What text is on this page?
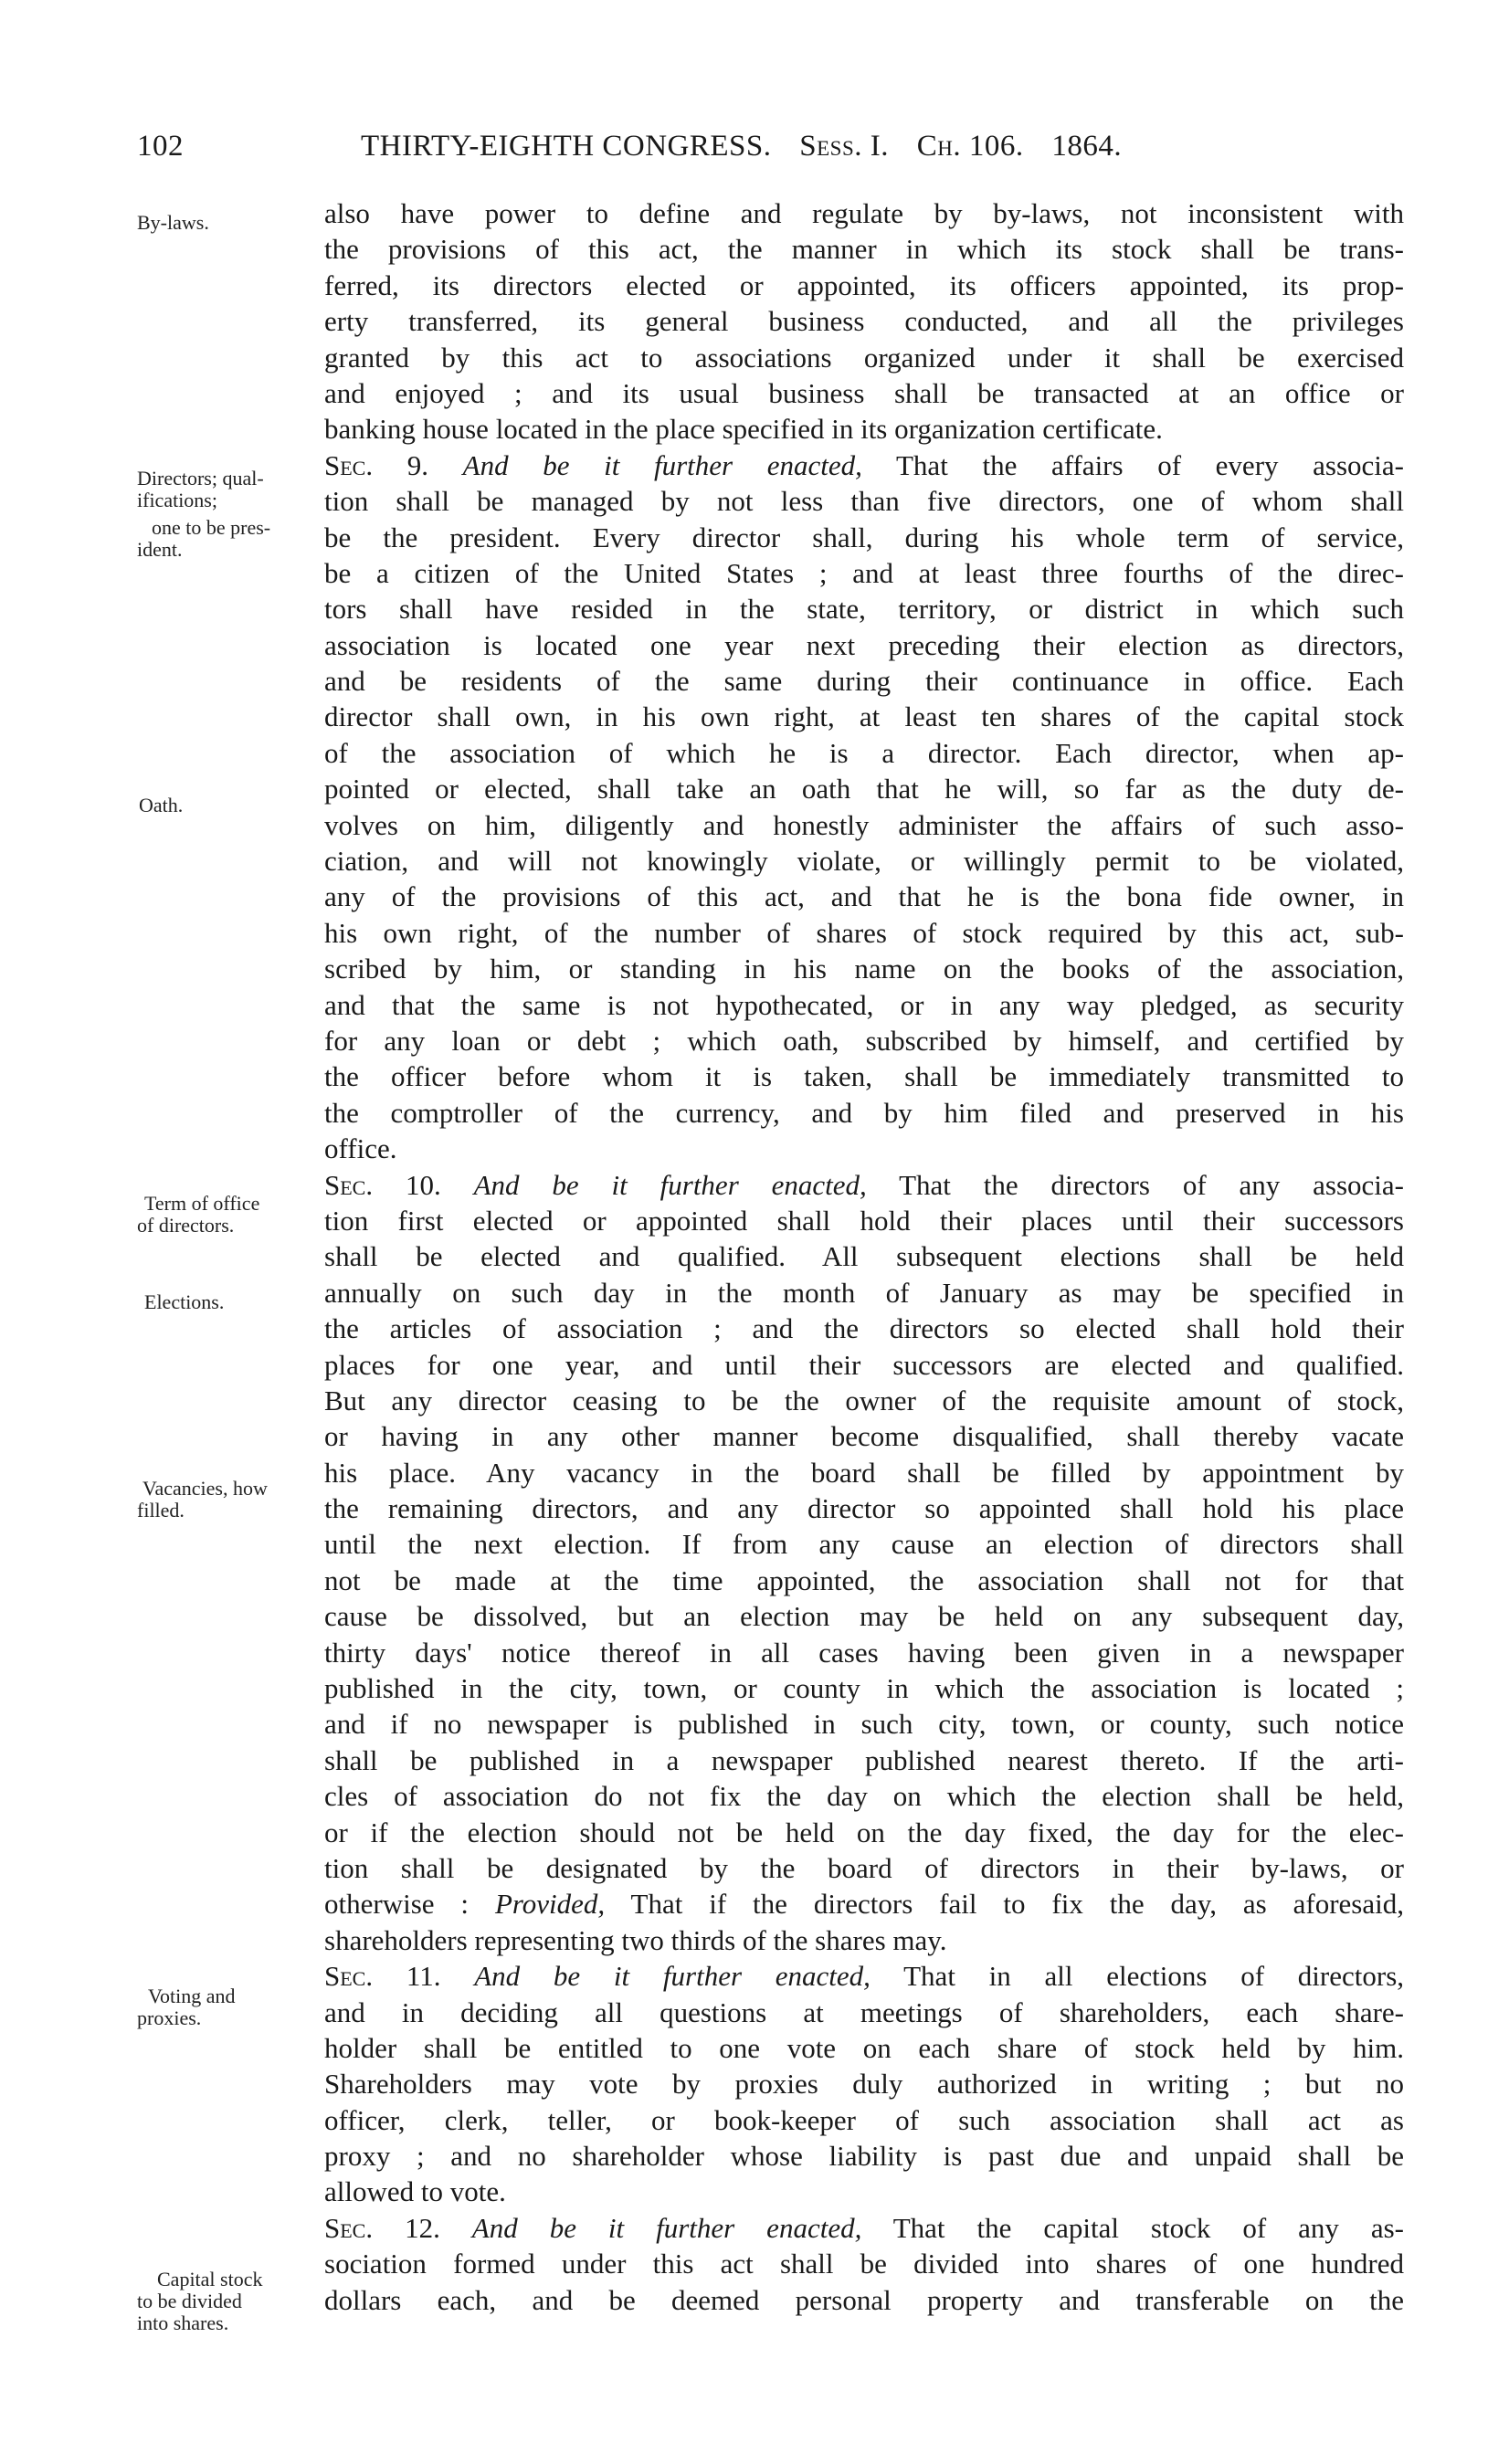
102	THIRTY-EIGHTH CONGRESS. Sess. I. Ch. 106. 1864.
By-laws.
Directors; qual-
ifications;
one to be pres-
ident.
Oath.
Term of office
of directors.
Elections.
Vacancies, how
filled.
Voting and
proxies.
Capital stock
to be divided
into shares.
also have power to define and regulate by by-laws, not inconsistent with
the provisions of this act, the manner in which its stock shall be trans-
ferred, its directors elected or appointed, its officers appointed, its prop-
erty transferred, its general business conducted, and all the privileges
granted by this act to associations organized under it shall be exercised
and enjoyed ; and its usual business shall be transacted at an office or
banking house located in the place specified in its organization certificate.
Sec. 9. And be it further enacted, That the affairs of every associa-
tion shall be managed by not less than five directors, one of whom shall
be the president. Every director shall, during his whole term of service,
be a citizen of the United States ; and at least three fourths of the direc-
tors shall have resided in the state, territory, or district in which such
association is located one year next preceding their election as directors,
and be residents of the same during their continuance in office. Each
director shall own, in his own right, at least ten shares of the capital stock
of the association of which he is a director. Each director, when ap-
pointed or elected, shall take an oath that he will, so far as the duty de-
volves on him, diligently and honestly administer the affairs of such asso-
ciation, and will not knowingly violate, or willingly permit to be violated,
any of the provisions of this act, and that he is the bona fide owner, in
his own right, of the number of shares of stock required by this act, sub-
scribed by him, or standing in his name on the books of the association,
and that the same is not hypothecated, or in any way pledged, as security
for any loan or debt ; which oath, subscribed by himself, and certified by
the officer before whom it is taken, shall be immediately transmitted to
the comptroller of the currency, and by him filed and preserved in his
office.
Sec. 10. And be it further enacted, That the directors of any associa-
tion first elected or appointed shall hold their places until their successors
shall be elected and qualified. All subsequent elections shall be held
annually on such day in the month of January as may be specified in
the articles of association ; and the directors so elected shall hold their
places for one year, and until their successors are elected and qualified.
But any director ceasing to be the owner of the requisite amount of stock,
or having in any other manner become disqualified, shall thereby vacate
his place. Any vacancy in the board shall be filled by appointment by
the remaining directors, and any director so appointed shall hold his place
until the next election. If from any cause an election of directors shall
not be made at the time appointed, the association shall not for that
cause be dissolved, but an election may be held on any subsequent day,
thirty days' notice thereof in all cases having been given in a newspaper
published in the city, town, or county in which the association is located ;
and if no newspaper is published in such city, town, or county, such notice
shall be published in a newspaper published nearest thereto. If the arti-
cles of association do not fix the day on which the election shall be held,
or if the election should not be held on the day fixed, the day for the elec-
tion shall be designated by the board of directors in their by-laws, or
otherwise : Provided, That if the directors fail to fix the day, as aforesaid,
shareholders representing two thirds of the shares may.
Sec. 11. And be it further enacted, That in all elections of directors,
and in deciding all questions at meetings of shareholders, each share-
holder shall be entitled to one vote on each share of stock held by him.
Shareholders may vote by proxies duly authorized in writing ; but no
officer, clerk, teller, or book-keeper of such association shall act as
proxy ; and no shareholder whose liability is past due and unpaid shall be
allowed to vote.
Sec. 12. And be it further enacted, That the capital stock of any as-
sociation formed under this act shall be divided into shares of one hundred
dollars each, and be deemed personal property and transferable on the
